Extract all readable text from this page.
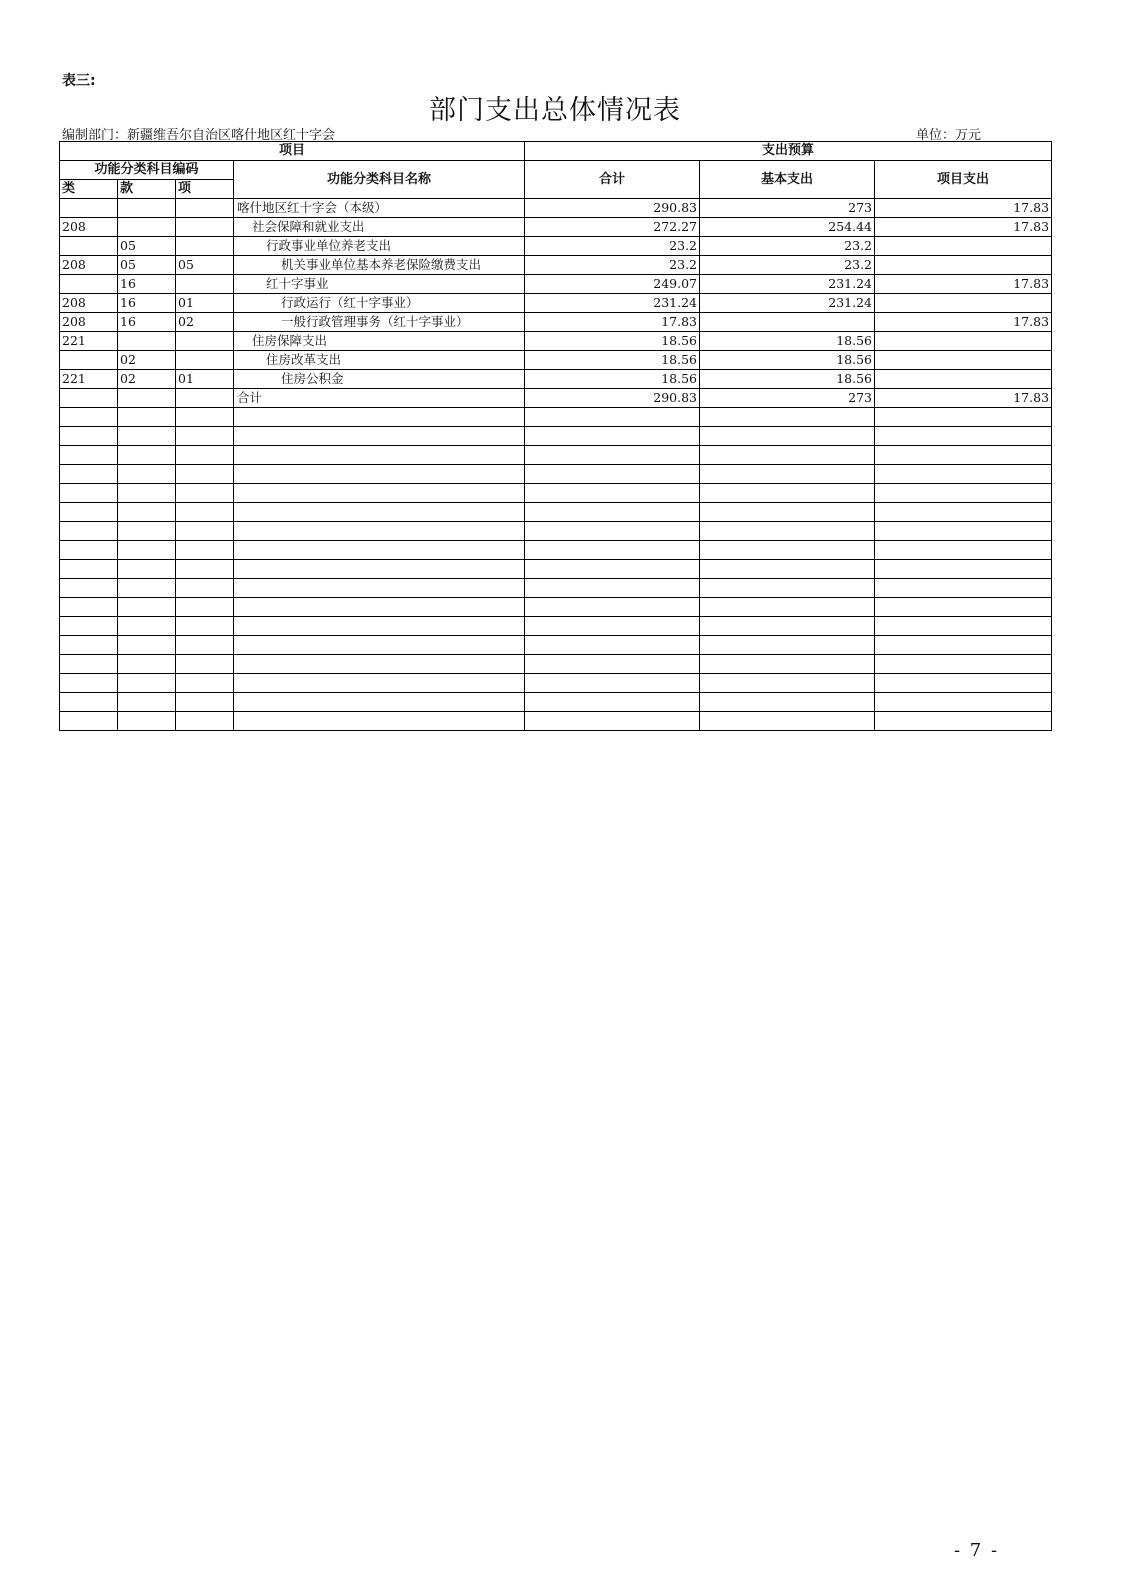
表三:
部门支出总体情况表
编制部门：新疆维吾尔自治区喀什地区红十字会	单位：万元
项目				支出预算		
功能分类科目编码			功能分类科目名称	合计	基本支出	项目支出
类	款	项				
			喀什地区红十字会（本级）	290.83	273	17.83
208			社会保障和就业支出	272.27	254.44	17.83
	05		行政事业单位养老支出	23.2	23.2	
208	05	05	机关事业单位基本养老保险缴费支出	23.2	23.2	
	16		红十字事业	249.07	231.24	17.83
208	16	01	行政运行（红十字事业）	231.24	231.24	
208	16	02	一般行政管理事务（红十字事业）	17.83		17.83
221			住房保障支出	18.56	18.56	
	02		住房改革支出	18.56	18.56	
221	02	01	住房公积金	18.56	18.56	
			合计	290.83	273	17.83

- 7 -
